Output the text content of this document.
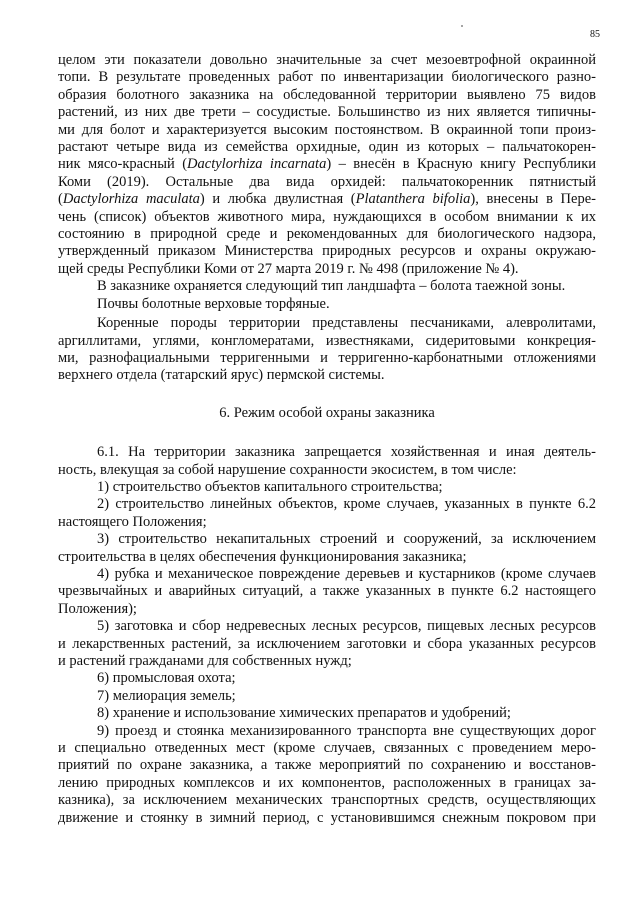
85

целом эти показатели довольно значительные за счет мезоевтрофной окраинной
топи. В результате проведенных работ по инвентаризации биологического разно-
образия болотного заказника на обследованной территории выявлено 75 видов
растений, из них две трети – сосудистые. Большинство из них является типичны-
ми для болот и характеризуется высоким постоянством. В окраинной топи произ-
растают четыре вида из семейства орхидные, один из которых – пальчатокорен-
ник мясо-красный (Dactylorhiza incarnata) – внесён в Красную книгу Республики
Коми (2019). Остальные два вида орхидей: пальчатокоренник пятнистый
(Dactylorhiza maculata) и любка двулистная (Platanthera bifolia), внесены в Пере-
чень (список) объектов животного мира, нуждающихся в особом внимании к их
состоянию в природной среде и рекомендованных для биологического надзора,
утвержденный приказом Министерства природных ресурсов и охраны окружаю-
щей среды Республики Коми от 27 марта 2019 г. № 498 (приложение № 4).

В заказнике охраняется следующий тип ландшафта – болота таежной зоны.

Почвы болотные верховые торфяные.

Коренные породы территории представлены песчаниками, алевролитами,
аргиллитами, углями, конгломератами, известняками, сидеритовыми конкреция-
ми, разнофациальными терригенными и терригенно-карбонатными отложениями
верхнего отдела (татарский ярус) пермской системы.

6. Режим особой охраны заказника

6.1. На территории заказника запрещается хозяйственная и иная деятель-
ность, влекущая за собой нарушение сохранности экосистем, в том числе:

1) строительство объектов капитального строительства;

2) строительство линейных объектов, кроме случаев, указанных в пункте 6.2
настоящего Положения;

3) строительство некапитальных строений и сооружений, за исключением
строительства в целях обеспечения функционирования заказника;

4) рубка и механическое повреждение деревьев и кустарников (кроме случаев
чрезвычайных и аварийных ситуаций, а также указанных в пункте 6.2 настоящего
Положения);

5) заготовка и сбор недревесных лесных ресурсов, пищевых лесных ресурсов
и лекарственных растений, за исключением заготовки и сбора указанных ресурсов
и растений гражданами для собственных нужд;

6) промысловая охота;

7) мелиорация земель;

8) хранение и использование химических препаратов и удобрений;

9) проезд и стоянка механизированного транспорта вне существующих дорог
и специально отведенных мест (кроме случаев, связанных с проведением меро-
приятий по охране заказника, а также мероприятий по сохранению и восстанов-
лению природных комплексов и их компонентов, расположенных в границах за-
казника), за исключением механических транспортных средств, осуществляющих
движение и стоянку в зимний период, с установившимся снежным покровом при
